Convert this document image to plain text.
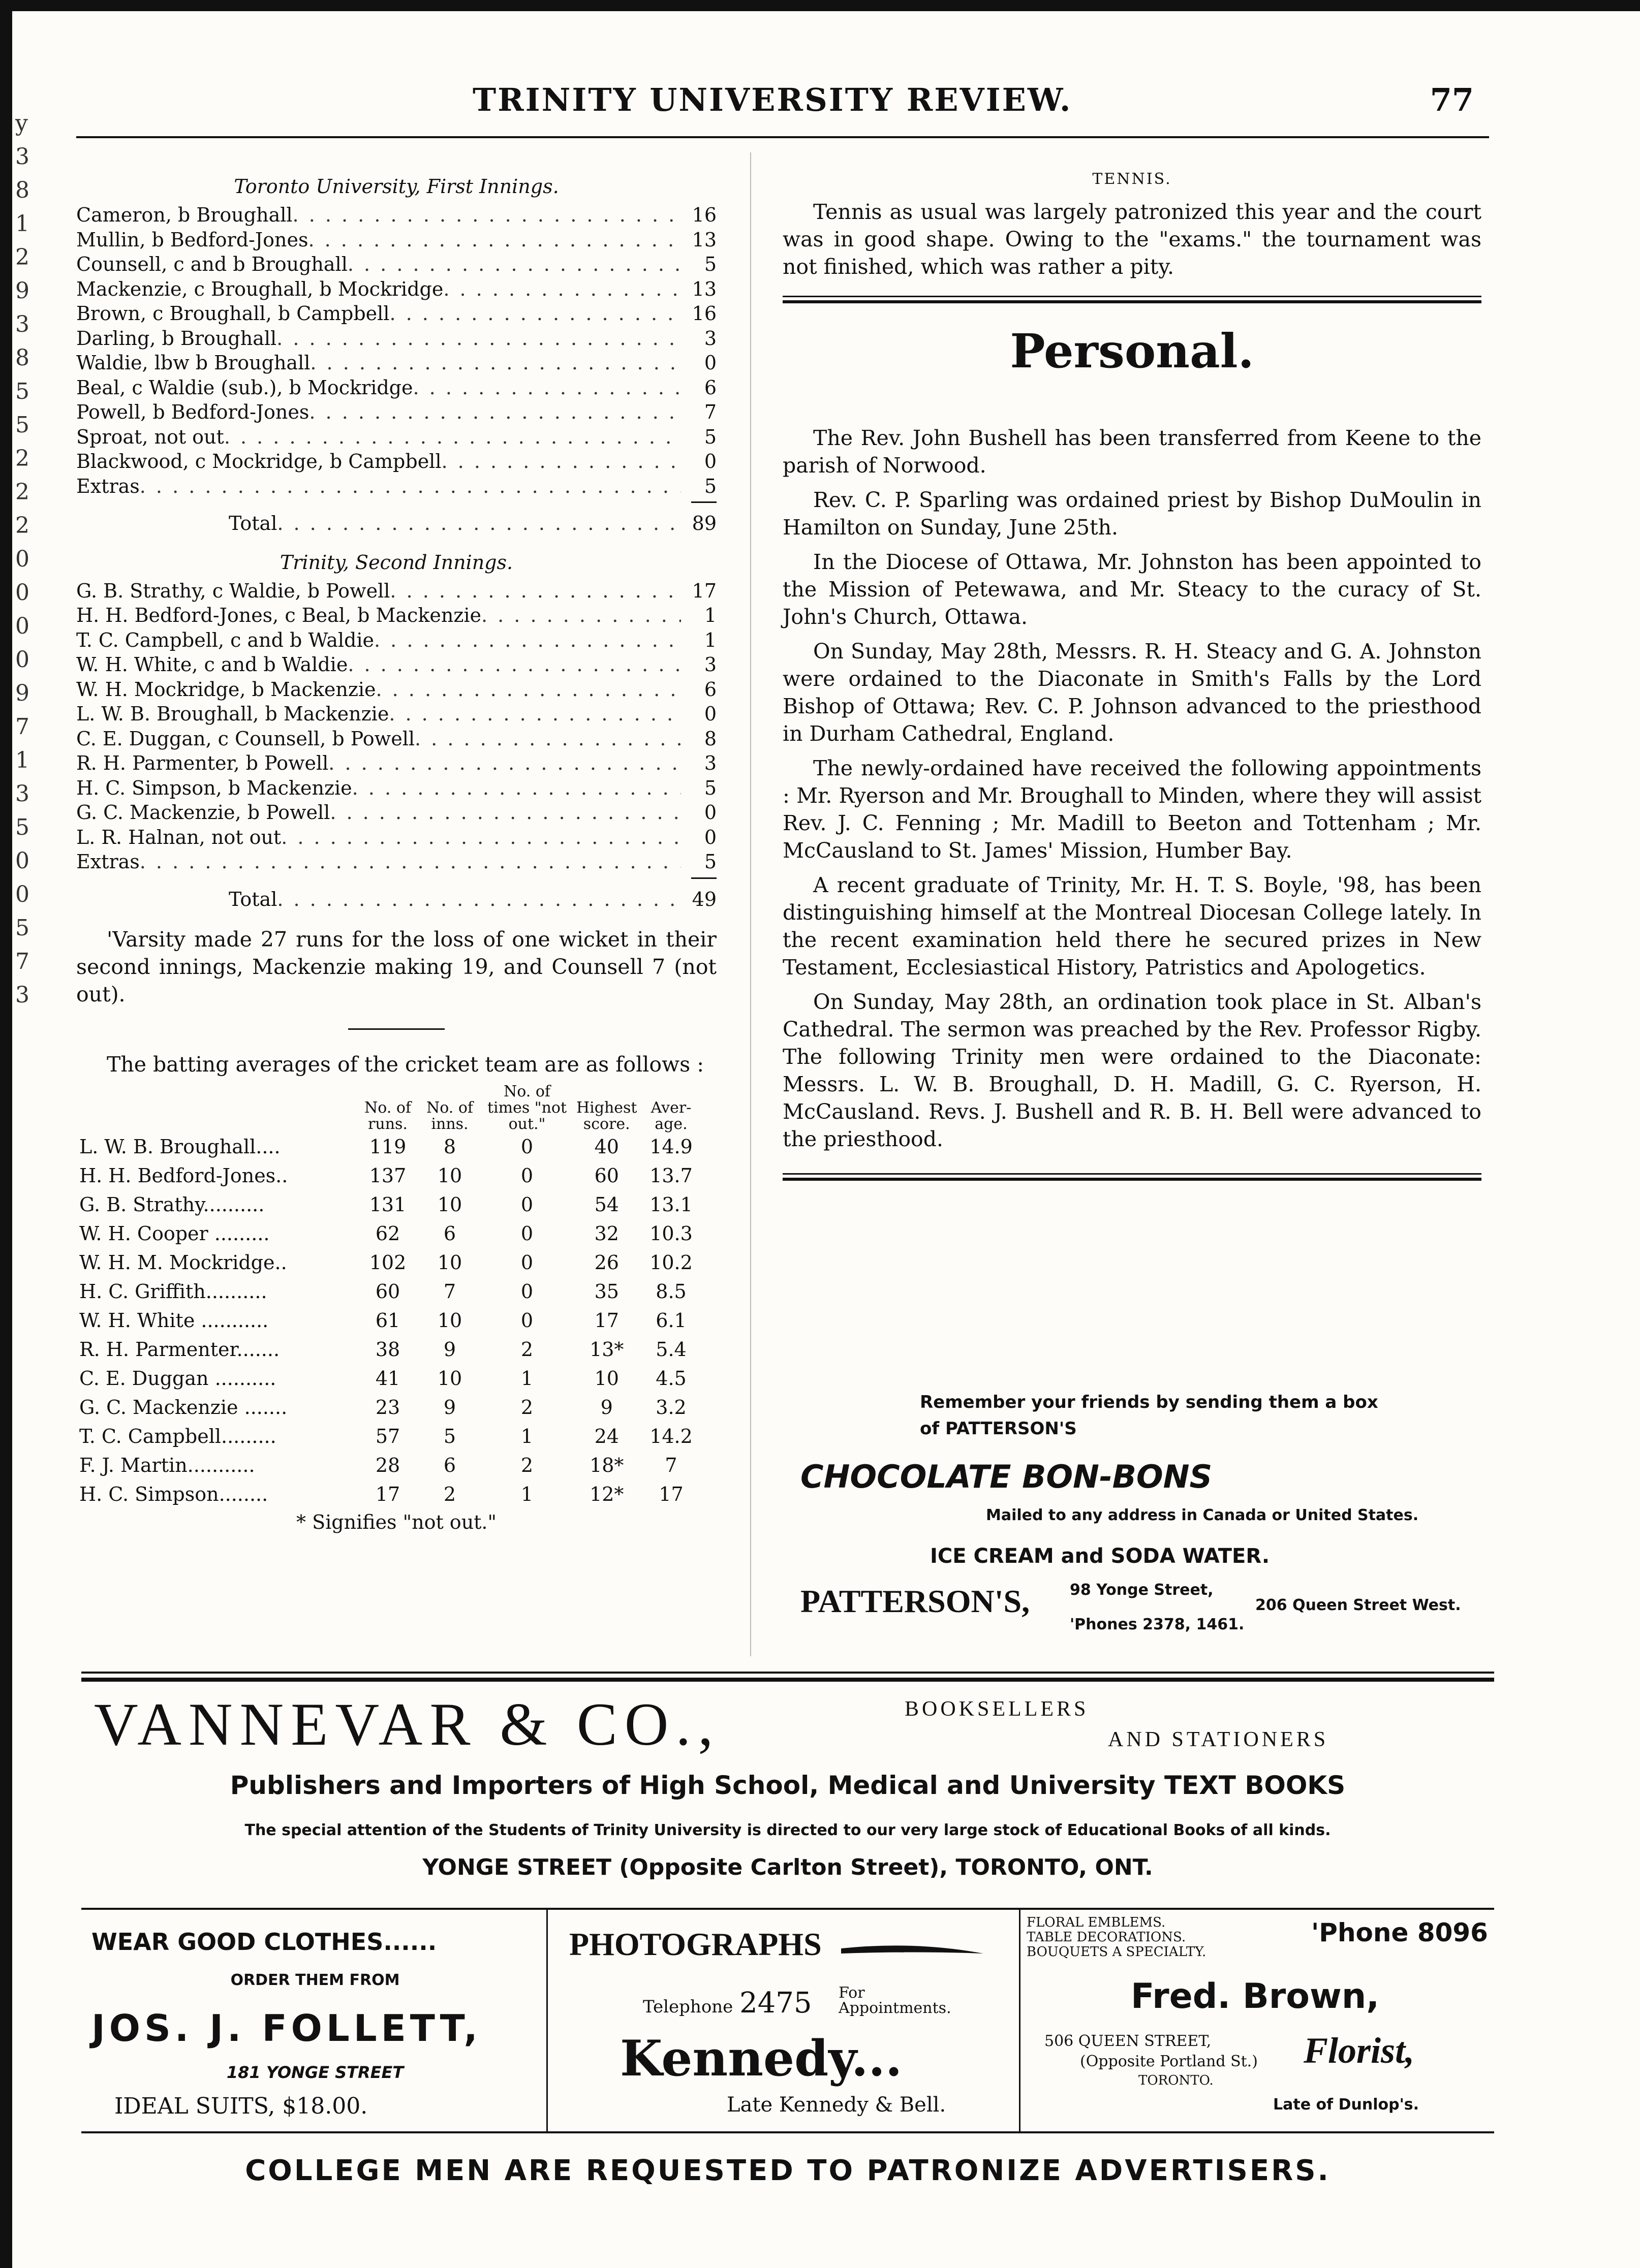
y
3
8
1
2
9
3
8
5
5
2
2
2
0
0
0
0
9
7
1
3
5
0
0
5
7
3
TRINITY UNIVERSITY REVIEW.	77
Toronto University, First Innings.
Cameron, b Broughall . . .	16
Mullin, b Bedford-Jones . . .	13
Counsell, c and b Broughall . . .	5
Mackenzie, c Broughall, b Mockridge . . .	13
Brown, c Broughall, b Campbell . . .	16
Darling, b Broughall . . .	3
Waldie, lbw b Broughall . . .	0
Beal, c Waldie (sub.), b Mockridge . . .	6
Powell, b Bedford-Jones . . .	7
Sproat, not out . . .	5
Blackwood, c Mockridge, b Campbell . . .	0
Extras . . .	5
Total . . .	89
Trinity, Second Innings.
G. B. Strathy, c Waldie, b Powell . . .	17
H. H. Bedford-Jones, c Beal, b Mackenzie . . .	1
T. C. Campbell, c and b Waldie . . .	1
W. H. White, c and b Waldie . . .	3
W. H. Mockridge, b Mackenzie . . .	6
L. W. B. Broughall, b Mackenzie . . .	0
C. E. Duggan, c Counsell, b Powell . . .	8
R. H. Parmenter, b Powell . . .	3
H. C. Simpson, b Mackenzie . . .	5
G. C. Mackenzie, b Powell . . .	0
L. R. Halnan, not out . . .	0
Extras . . .	5
Total . . .	49

'Varsity made 27 runs for the loss of one wicket in their second innings, Mackenzie making 19, and Counsell 7 (not out).

The batting averages of the cricket team are as follows :
	No. of runs.	No. of inns.	No. of times "not out."	Highest score.	Aver- age.
L. W. B. Broughall....	119	8	0	40	14.9
H. H. Bedford-Jones..	137	10	0	60	13.7
G. B. Strathy..........	131	10	0	54	13.1
W. H. Cooper .........	62	6	0	32	10.3
W. H. M. Mockridge..	102	10	0	26	10.2
H. C. Griffith..........	60	7	0	35	8.5
W. H. White ...........	61	10	0	17	6.1
R. H. Parmenter.......	38	9	2	13*	5.4
C. E. Duggan ..........	41	10	1	10	4.5
G. C. Mackenzie .......	23	9	2	9	3.2
T. C. Campbell.........	57	5	1	24	14.2
F. J. Martin...........	28	6	2	18*	7
H. C. Simpson........	17	2	1	12*	17
* Signifies "not out."
TENNIS.

Tennis as usual was largely patronized this year and the court was in good shape. Owing to the "exams." the tournament was not finished, which was rather a pity.

Personal.

The Rev. John Bushell has been transferred from Keene to the parish of Norwood.

Rev. C. P. Sparling was ordained priest by Bishop DuMoulin in Hamilton on Sunday, June 25th.

In the Diocese of Ottawa, Mr. Johnston has been appointed to the Mission of Petewawa, and Mr. Steacy to the curacy of St. John's Church, Ottawa.

On Sunday, May 28th, Messrs. R. H. Steacy and G. A. Johnston were ordained to the Diaconate in Smith's Falls by the Lord Bishop of Ottawa; Rev. C. P. Johnson advanced to the priesthood in Durham Cathedral, England.

The newly-ordained have received the following appointments : Mr. Ryerson and Mr. Broughall to Minden, where they will assist Rev. J. C. Fenning ; Mr. Madill to Beeton and Tottenham ; Mr. McCausland to St. James' Mission, Humber Bay.

A recent graduate of Trinity, Mr. H. T. S. Boyle, '98, has been distinguishing himself at the Montreal Diocesan College lately. In the recent examination held there he secured prizes in New Testament, Ecclesiastical History, Patristics and Apologetics.

On Sunday, May 28th, an ordination took place in St. Alban's Cathedral. The sermon was preached by the Rev. Professor Rigby. The following Trinity men were ordained to the Diaconate: Messrs. L. W. B. Broughall, D. H. Madill, G. C. Ryerson, H. McCausland. Revs. J. Bushell and R. B. H. Bell were advanced to the priesthood.

Remember your friends by sending them a box
of PATTERSON'S
CHOCOLATE BON-BONS
Mailed to any address in Canada or United States.
ICE CREAM and SODA WATER.
PATTERSON'S,	98 Yonge Street,
206 Queen Street West.
'Phones 2378, 1461.
VANNEVAR & CO.,	BOOKSELLERS
AND STATIONERS
Publishers and Importers of High School, Medical and University TEXT BOOKS
The special attention of the Students of Trinity University is directed to our very large stock of Educational Books of all kinds.
YONGE STREET (Opposite Carlton Street), TORONTO, ONT.
WEAR GOOD CLOTHES......
ORDER THEM FROM
JOS. J. FOLLETT,
181 YONGE STREET
IDEAL SUITS, $18.00.
PHOTOGRAPHS
Telephone 2475 For
Appointments.
Kennedy...
Late Kennedy & Bell.
FLORAL EMBLEMS.
TABLE DECORATIONS.
BOUQUETS A SPECIALTY.
'Phone 8096
Fred. Brown,
506 QUEEN STREET,
(Opposite Portland St.)
TORONTO.
Florist,
Late of Dunlop's.
COLLEGE MEN ARE REQUESTED TO PATRONIZE ADVERTISERS.
